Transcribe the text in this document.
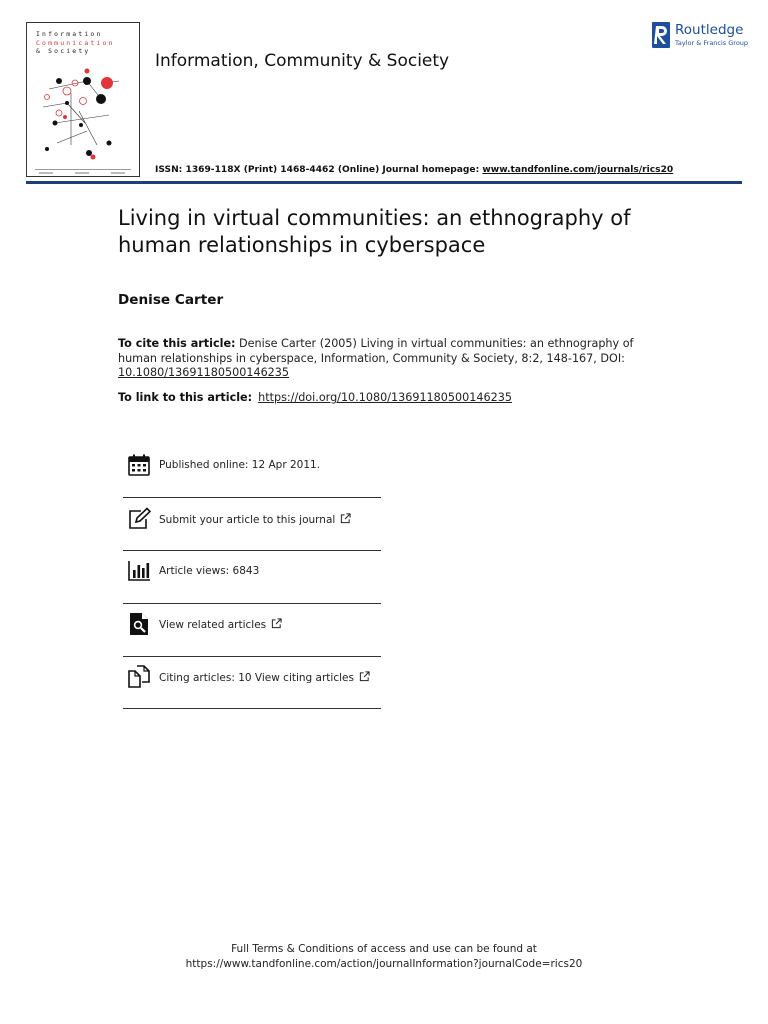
Information
Communication
& Society	Information, Community & Society
Routledge
Taylor & Francis Group
ISSN: 1369-118X (Print) 1468-4462 (Online) Journal homepage: www.tandfonline.com/journals/rics20
Living in virtual communities: an ethnography of human relationships in cyberspace
Denise Carter
To cite this article: Denise Carter (2005) Living in virtual communities: an ethnography of human relationships in cyberspace, Information, Community & Society, 8:2, 148-167, DOI: 10.1080/13691180500146235
To link to this article: https://doi.org/10.1080/13691180500146235
Published online: 12 Apr 2011.
Submit your article to this journal
Article views: 6843
View related articles
Citing articles: 10 View citing articles
Full Terms & Conditions of access and use can be found at
https://www.tandfonline.com/action/journalInformation?journalCode=rics20
